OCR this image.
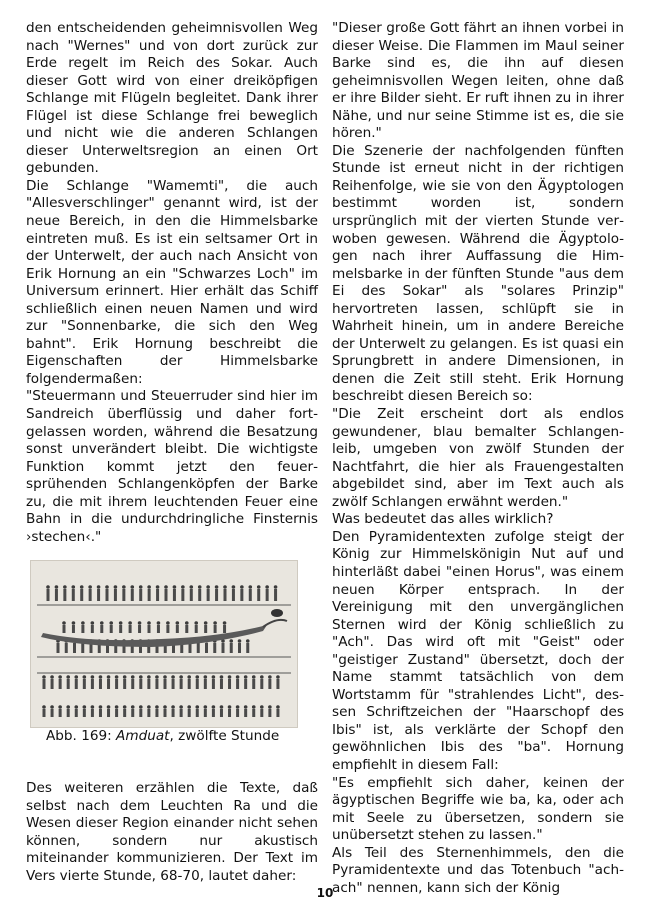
den entscheidenden geheimnisvollen Weg nach "Wernes" und von dort zurück zur Erde regelt im Reich des Sokar. Auch dieser Gott wird von einer dreiköpfigen Schlange mit Flügeln begleitet. Dank ihrer Flügel ist diese Schlange frei beweglich und nicht wie die anderen Schlangen dieser Unterweltsregion an einen Ort gebunden.

Die Schlange "Wamemti", die auch "Allesverschlinger" genannt wird, ist der neue Bereich, in den die Himmelsbarke eintreten muß. Es ist ein seltsamer Ort in der Unterwelt, der auch nach Ansicht von Erik Hornung an ein "Schwarzes Loch" im Universum erinnert. Hier erhält das Schiff schließlich einen neuen Namen und wird zur "Sonnenbarke, die sich den Weg bahnt". Erik Hornung beschreibt die Eigenschaften der Himmelsbarke folgendermaßen:

"Steuermann und Steuerruder sind hier im Sandreich überflüssig und daher fortgelassen worden, während die Besatzung sonst unverändert bleibt. Die wichtigste Funktion kommt jetzt den feuersprühenden Schlangenköpfen der Barke zu, die mit ihrem leuchtenden Feuer eine Bahn in die undurchdringliche Finsternis ›stechen‹."

Abb. 169: Amduat, zwölfte Stunde

Des weiteren erzählen die Texte, daß selbst nach dem Leuchten Ra und die Wesen dieser Region einander nicht sehen können, sondern nur akustisch miteinander kommunizieren. Der Text im Vers vierte Stunde, 68-70, lautet daher:

"Dieser große Gott fährt an ihnen vorbei in dieser Weise. Die Flammen im Maul seiner Barke sind es, die ihn auf diesen geheimnisvollen Wegen leiten, ohne daß er ihre Bilder sieht. Er ruft ihnen zu in ihrer Nähe, und nur seine Stimme ist es, die sie hören."

Die Szenerie der nachfolgenden fünften Stunde ist erneut nicht in der richtigen Reihenfolge, wie sie von den Ägyptologen bestimmt worden ist, sondern ursprünglich mit der vierten Stunde verwoben gewesen. Während die Ägyptologen nach ihrer Auffassung die Himmelsbarke in der fünften Stunde "aus dem Ei des Sokar" als "solares Prinzip" hervortreten lassen, schlüpft sie in Wahrheit hinein, um in andere Bereiche der Unterwelt zu gelangen. Es ist quasi ein Sprungbrett in andere Dimensionen, in denen die Zeit still steht. Erik Hornung beschreibt diesen Bereich so:

"Die Zeit erscheint dort als endlos gewundener, blau bemalter Schlangenleib, umgeben von zwölf Stunden der Nachtfahrt, die hier als Frauengestalten abgebildet sind, aber im Text auch als zwölf Schlangen erwähnt werden."

Was bedeutet das alles wirklich?

Den Pyramidentexten zufolge steigt der König zur Himmelskönigin Nut auf und hinterläßt dabei "einen Horus", was einem neuen Körper entsprach. In der Vereinigung mit den unvergänglichen Sternen wird der König schließlich zu "Ach". Das wird oft mit "Geist" oder "geistiger Zustand" übersetzt, doch der Name stammt tatsächlich von dem Wortstamm für "strahlendes Licht", dessen Schriftzeichen der "Haarschopf des Ibis" ist, als verklärte der Schopf den gewöhnlichen Ibis des "ba". Hornung empfiehlt in diesem Fall:

"Es empfiehlt sich daher, keinen der ägyptischen Begriffe wie ba, ka, oder ach mit Seele zu übersetzen, sondern sie unübersetzt stehen zu lassen."

Als Teil des Sternenhimmels, den die Pyramidentexte und das Totenbuch "ach-ach" nennen, kann sich der König

10
